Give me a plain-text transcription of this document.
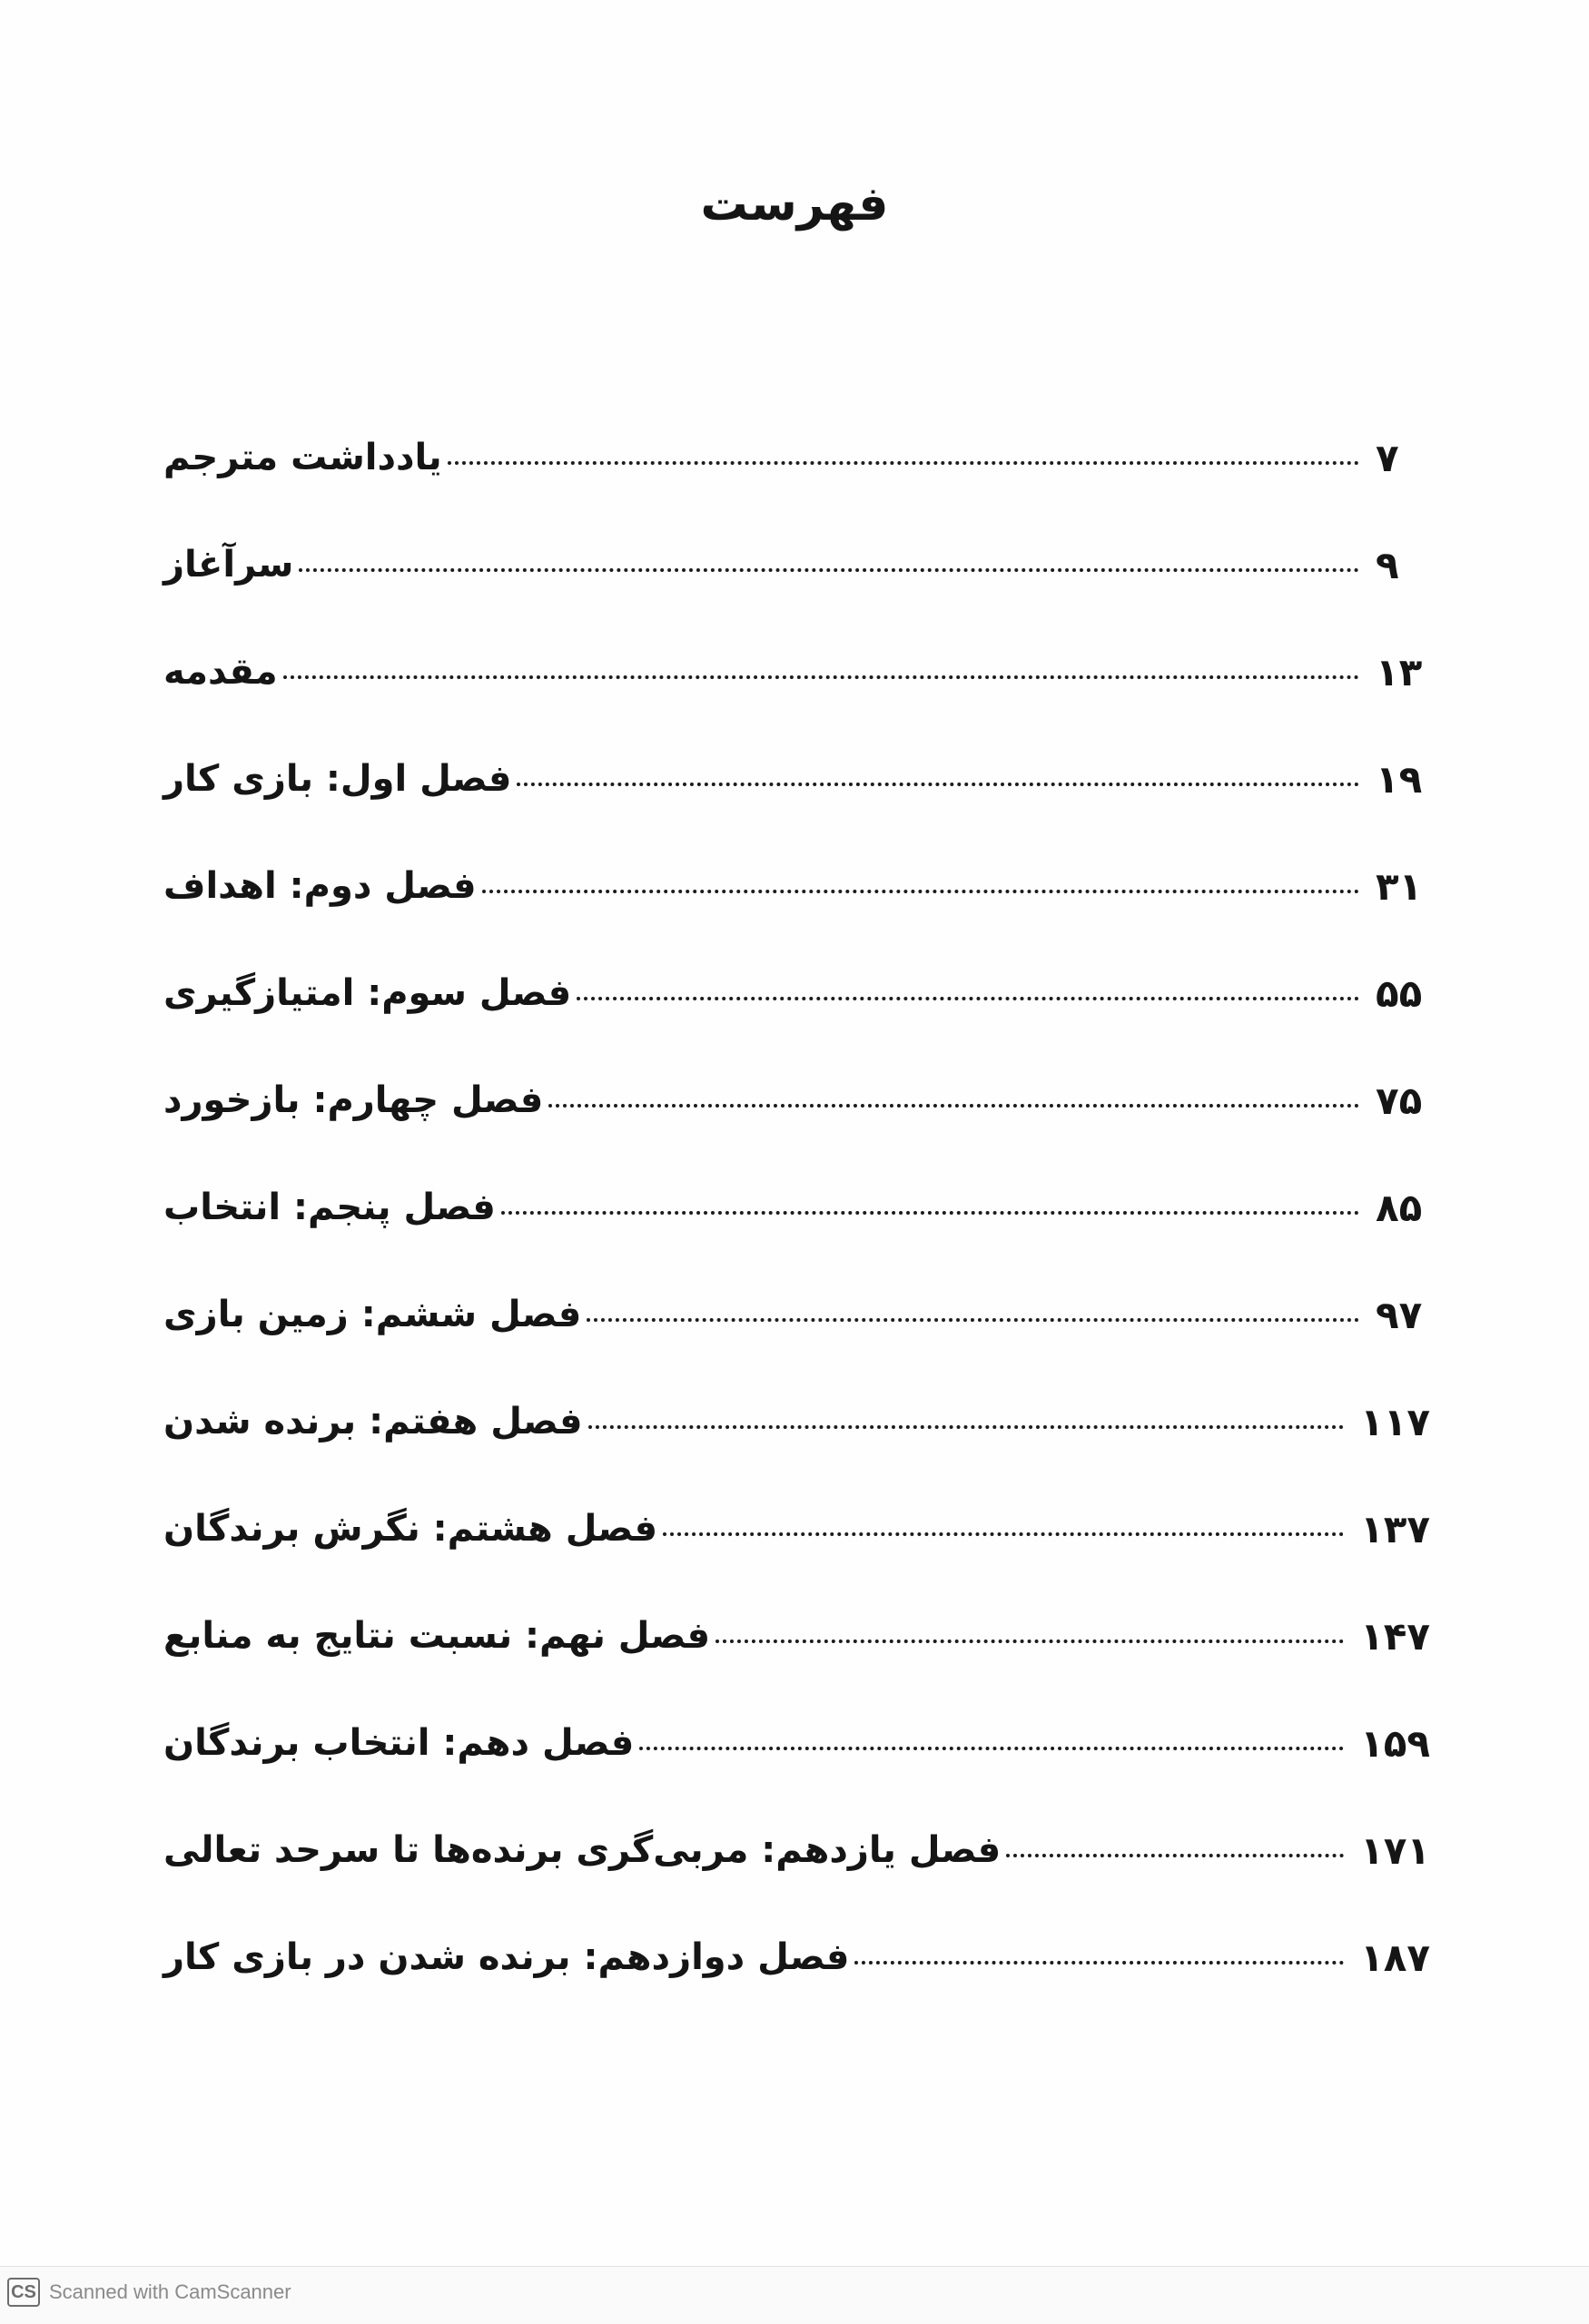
فهرست
یادداشت مترجم	۷
سرآغاز	۹
مقدمه	۱۳
فصل اول: بازی کار	۱۹
فصل دوم: اهداف	۳۱
فصل سوم: امتیازگیری	۵۵
فصل چهارم: بازخورد	۷۵
فصل پنجم: انتخاب	۸۵
فصل ششم: زمین بازی	۹۷
فصل هفتم: برنده شدن	۱۱۷
فصل هشتم: نگرش برندگان	۱۳۷
فصل نهم: نسبت نتایج به منابع	۱۴۷
فصل دهم: انتخاب برندگان	۱۵۹
فصل یازدهم: مربی‌گری برنده‌ها تا سرحد تعالی	۱۷۱
فصل دوازدهم: برنده شدن در بازی کار	۱۸۷
CS Scanned with CamScanner
